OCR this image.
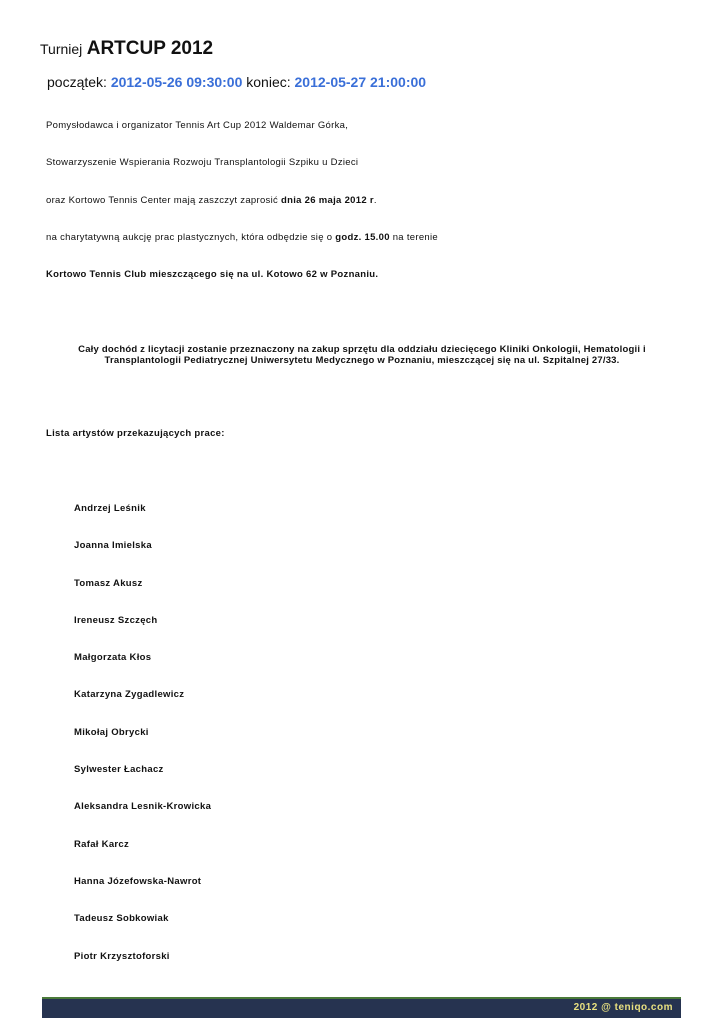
Turniej ARTCUP 2012
początek: 2012-05-26 09:30:00 koniec: 2012-05-27 21:00:00
Pomysłodawca i organizator Tennis Art Cup 2012 Waldemar Górka,
Stowarzyszenie Wspierania Rozwoju Transplantologii Szpiku u Dzieci
oraz Kortowo Tennis Center mają zaszczyt zaprosić dnia 26 maja 2012 r.
na charytatywną aukcję prac plastycznych, która odbędzie się o godz. 15.00 na terenie
Kortowo Tennis Club mieszczącego się na ul. Kotowo 62 w Poznaniu.
Cały dochód z licytacji zostanie przeznaczony na zakup sprzętu dla oddziału dziecięcego Kliniki Onkologii, Hematologii i Transplantologii Pediatrycznej Uniwersytetu Medycznego w Poznaniu, mieszczącej się na ul. Szpitalnej 27/33.
Lista artystów przekazujących prace:
Andrzej Leśnik
Joanna Imielska
Tomasz Akusz
Ireneusz Szczęch
Małgorzata Kłos
Katarzyna Zygadlewicz
Mikołaj Obrycki
Sylwester Łachacz
Aleksandra Lesnik-Krowicka
Rafał Karcz
Hanna Józefowska-Nawrot
Tadeusz Sobkowiak
Piotr Krzysztoforski
2012 @ teniqo.com
